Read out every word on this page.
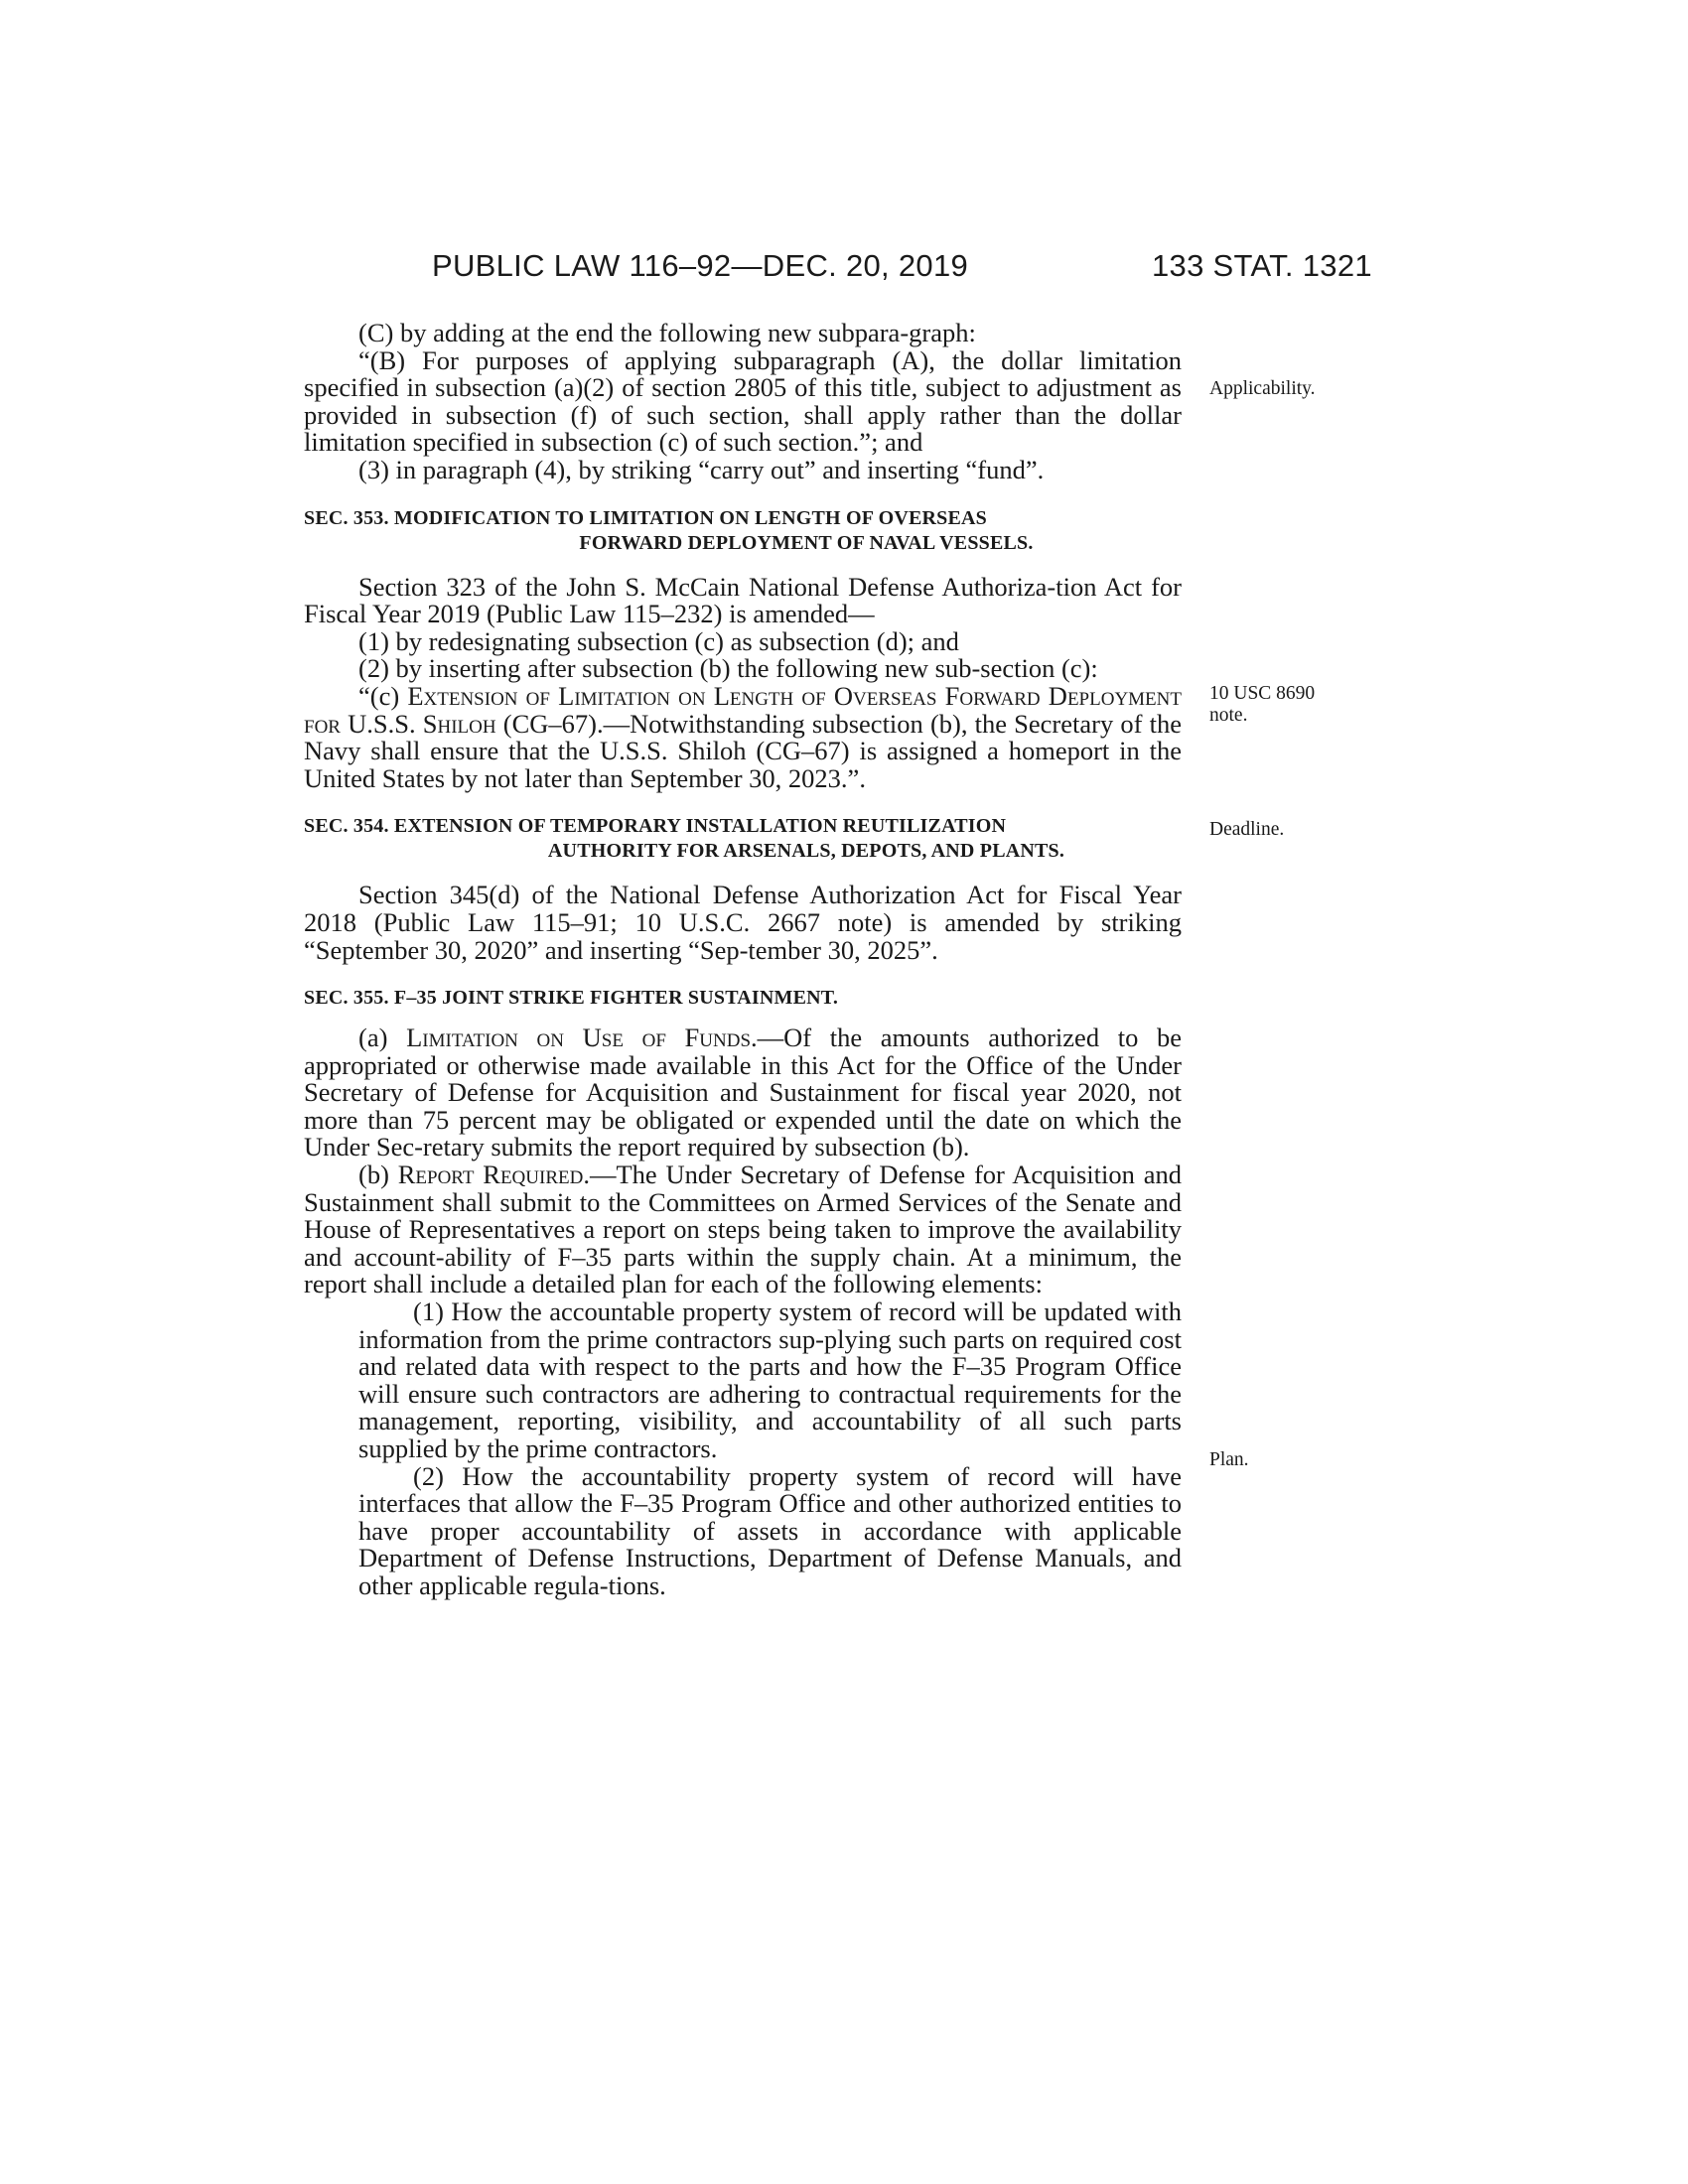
PUBLIC LAW 116–92—DEC. 20, 2019	133 STAT. 1321

(C) by adding at the end the following new subpara-graph:

“(B) For purposes of applying subparagraph (A), the dollar limitation specified in subsection (a)(2) of section 2805 of this title, subject to adjustment as provided in subsection (f) of such section, shall apply rather than the dollar limitation specified in subsection (c) of such section.”; and

(3) in paragraph (4), by striking “carry out” and inserting “fund”.

SEC. 353. MODIFICATION TO LIMITATION ON LENGTH OF OVERSEAS
FORWARD DEPLOYMENT OF NAVAL VESSELS.

Section 323 of the John S. McCain National Defense Authoriza-tion Act for Fiscal Year 2019 (Public Law 115–232) is amended—

(1) by redesignating subsection (c) as subsection (d); and

(2) by inserting after subsection (b) the following new sub-section (c):

“(c) Extension of Limitation on Length of Overseas Forward Deployment for U.S.S. Shiloh (CG–67).—Notwithstanding subsection (b), the Secretary of the Navy shall ensure that the U.S.S. Shiloh (CG–67) is assigned a homeport in the United States by not later than September 30, 2023.”.

SEC. 354. EXTENSION OF TEMPORARY INSTALLATION REUTILIZATION
AUTHORITY FOR ARSENALS, DEPOTS, AND PLANTS.

Section 345(d) of the National Defense Authorization Act for Fiscal Year 2018 (Public Law 115–91; 10 U.S.C. 2667 note) is amended by striking “September 30, 2020” and inserting “Sep-tember 30, 2025”.

SEC. 355. F–35 JOINT STRIKE FIGHTER SUSTAINMENT.

(a) Limitation on Use of Funds.—Of the amounts authorized to be appropriated or otherwise made available in this Act for the Office of the Under Secretary of Defense for Acquisition and Sustainment for fiscal year 2020, not more than 75 percent may be obligated or expended until the date on which the Under Sec-retary submits the report required by subsection (b).

(b) Report Required.—The Under Secretary of Defense for Acquisition and Sustainment shall submit to the Committees on Armed Services of the Senate and House of Representatives a report on steps being taken to improve the availability and account-ability of F–35 parts within the supply chain. At a minimum, the report shall include a detailed plan for each of the following elements:

(1) How the accountable property system of record will be updated with information from the prime contractors sup-plying such parts on required cost and related data with respect to the parts and how the F–35 Program Office will ensure such contractors are adhering to contractual requirements for the management, reporting, visibility, and accountability of all such parts supplied by the prime contractors.

(2) How the accountability property system of record will have interfaces that allow the F–35 Program Office and other authorized entities to have proper accountability of assets in accordance with applicable Department of Defense Instructions, Department of Defense Manuals, and other applicable regula-tions.

Applicability.
10 USC 8690
note.
Deadline.
Plan.
